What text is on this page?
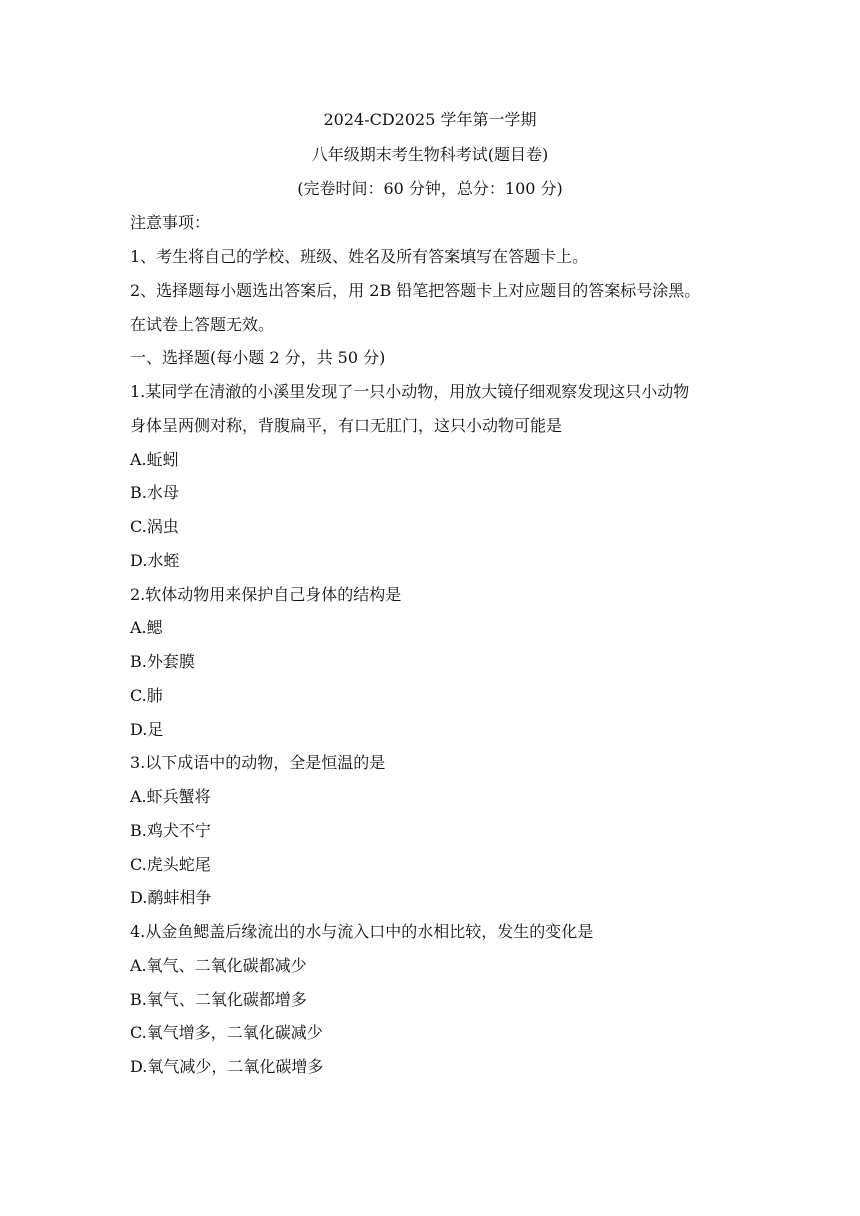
2024-CD2025 学年第一学期
八年级期末考生物科考试(题目卷)
(完卷时间：60 分钟，总分：100 分)
注意事项：
1、考生将自己的学校、班级、姓名及所有答案填写在答题卡上。
2、选择题每小题选出答案后，用 2B 铅笔把答题卡上对应题目的答案标号涂黑。
在试卷上答题无效。
一、选择题(每小题 2 分，共 50 分)
1.某同学在清澈的小溪里发现了一只小动物，用放大镜仔细观察发现这只小动物
身体呈两侧对称，背腹扁平，有口无肛门，这只小动物可能是
A.蚯蚓
B.水母
C.涡虫
D.水蛭
2.软体动物用来保护自己身体的结构是
A.鳃
B.外套膜
C.肺
D.足
3.以下成语中的动物，全是恒温的是
A.虾兵蟹将
B.鸡犬不宁
C.虎头蛇尾
D.鹬蚌相争
4.从金鱼鳃盖后缘流出的水与流入口中的水相比较，发生的变化是
A.氧气、二氧化碳都减少
B.氧气、二氧化碳都增多
C.氧气增多，二氧化碳减少
D.氧气减少，二氧化碳增多
